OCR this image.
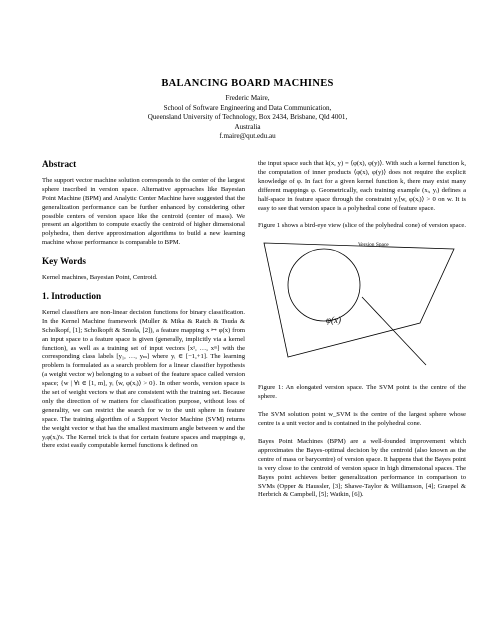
BALANCING BOARD MACHINES
Frederic Maire,
School of Software Engineering and Data Communication,
Queensland University of Technology, Box 2434, Brisbane, Qld 4001,
Australia
f.maire@qut.edu.au
Abstract

The support vector machine solution corresponds to the center of the largest sphere inscribed in version space. Alternative approaches like Bayesian Point Machine (BPM) and Analytic Center Machine have suggested that the generalization performance can be further enhanced by considering other possible centers of version space like the centroid (center of mass). We present an algorithm to compute exactly the centroid of higher dimensional polyhedra, then derive approximation algorithms to build a new learning machine whose performance is comparable to BPM.

Key Words

Kernel machines, Bayesian Point, Centroid.

1. Introduction

Kernel classifiers are non-linear decision functions for binary classification. In the Kernel Machine framework (Muller & Mika & Ratch & Tsuda & Scholkopf, [1]; Scholkopft & Smola, [2]), a feature mapping x ↦ φ(x) from an input space to a feature space is given (generally, implicitly via a kernel function), as well as a training set of input vectors [x¹, …, xᵐ] with the corresponding class labels [y₁, …, yₘ] where yᵢ ∈ [−1,+1]. The learning problem is formulated as a search problem for a linear classifier hypothesis (a weight vector w) belonging to a subset of the feature space called version space; {w | ∀i ∈ [1, m], yᵢ ⟨w, φ(xᵢ)⟩ > 0}. In other words, version space is the set of weight vectors w that are consistent with the training set. Because only the direction of w matters for classification purpose, without loss of generality, we can restrict the search for w to the unit sphere in feature space. The training algorithm of a Support Vector Machine (SVM) returns the weight vector w that has the smallest maximum angle between w and the yᵢφ(xᵢ)'s. The Kernel trick is that for certain feature spaces and mappings φ, there exist easily computable kernel functions k defined on

the input space such that k(x, y) = ⟨φ(x), φ(y)⟩. With such a kernel function k, the computation of inner products ⟨φ(x), φ(y)⟩ does not require the explicit knowledge of φ. In fact for a given kernel function k, there may exist many different mappings φ. Geometrically, each training example (xᵢ, yᵢ) defines a half-space in feature space through the constraint yᵢ⟨w, φ(xᵢ)⟩ > 0 on w. It is easy to see that version space is a polyhedral cone of feature space.

Figure 1 shows a bird-eye view (slice of the polyhedral cone) of version space.

Version Space
φ(x)

Figure 1: An elongated version space. The SVM point is the centre of the sphere.

The SVM solution point w_SVM is the centre of the largest sphere whose centre is a unit vector and is contained in the polyhedral cone.

Bayes Point Machines (BPM) are a well-founded improvement which approximates the Bayes-optimal decision by the centroid (also known as the centre of mass or barycentre) of version space. It happens that the Bayes point is very close to the centroid of version space in high dimensional spaces. The Bayes point achieves better generalization performance in comparison to SVMs (Opper & Haussler, [3]; Shawe-Taylor & Williamson, [4]; Graepel & Herbrich & Campbell, [5]; Watkin, [6]).
